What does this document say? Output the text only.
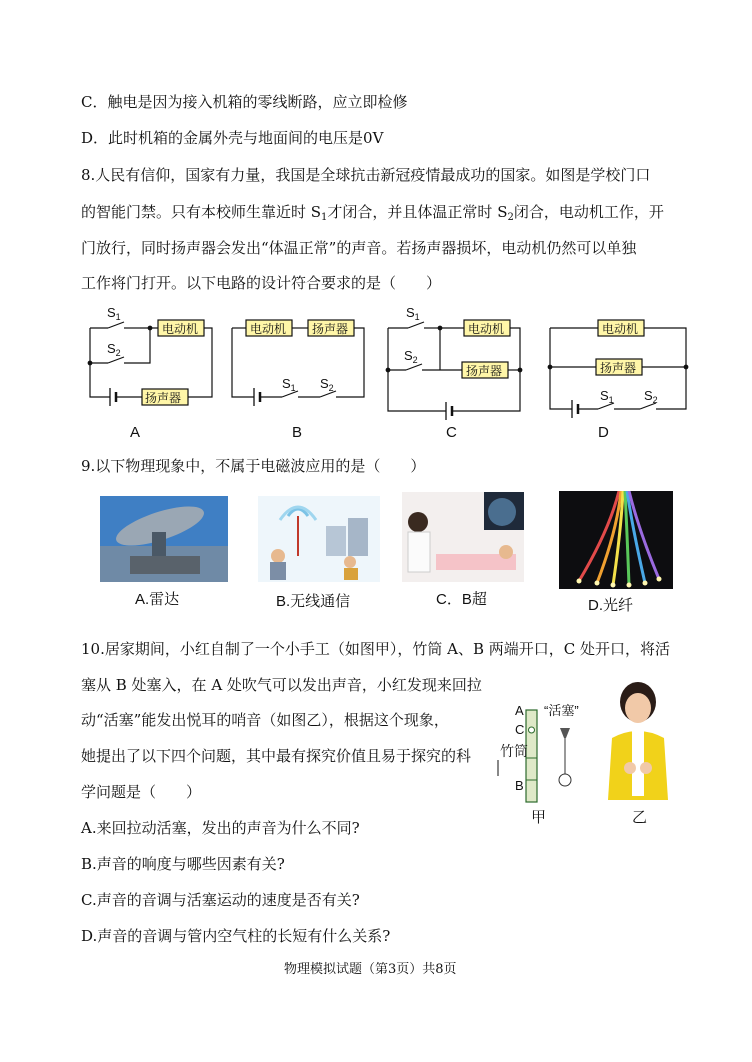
C．触电是因为接入机箱的零线断路，应立即检修
D．此时机箱的金属外壳与地面间的电压是0V
8.人民有信仰，国家有力量，我国是全球抗击新冠疫情最成功的国家。如图是学校门口
的智能门禁。只有本校师生靠近时 $S_1$才闭合，并且体温正常时 $S_2$闭合，电动机工作，开
门放行，同时扬声器会发出“体温正常”的声音。若扬声器损坏，电动机仍然可以单独
工作将门打开。以下电路的设计符合要求的是（　　）
电动机
扬声器
$S_1$
$S_2$
A
电动机 扬声器
$S_1$ $S_2$
B
电动机
扬声器
$S_1$
$S_2$
C
电动机
扬声器
$S_1$ $S_2$
D
9.以下物理现象中，不属于电磁波应用的是（　　）
A.雷达	B.无线通信	C．B超	D.光纤
10.居家期间，小红自制了一个小手工（如图甲），竹筒 A、B 两端开口，C 处开口，将活
塞从 B 处塞入，在 A 处吹气可以发出声音，小红发现来回拉
动“活塞”能发出悦耳的哨音（如图乙），根据这个现象，
她提出了以下四个问题，其中最有探究价值且易于探究的科
学问题是（　　）
A
C
竹筒
B
“活塞”
甲	乙
A.来回拉动活塞，发出的声音为什么不同?
B.声音的响度与哪些因素有关?
C.声音的音调与活塞运动的速度是否有关?
D.声音的音调与管内空气柱的长短有什么关系?
物理模拟试题（第3页）共8页
